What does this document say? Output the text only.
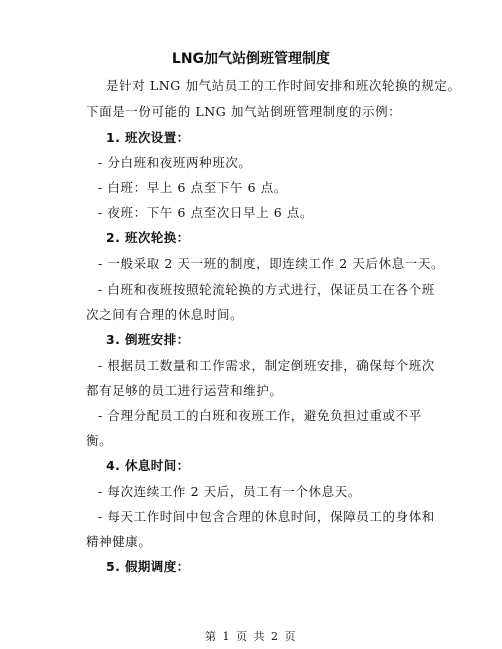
LNG加气站倒班管理制度
是针对 LNG 加气站员工的工作时间安排和班次轮换的规定。
下面是一份可能的 LNG 加气站倒班管理制度的示例：
1. 班次设置：
- 分白班和夜班两种班次。
- 白班：早上 6 点至下午 6 点。
- 夜班：下午 6 点至次日早上 6 点。
2. 班次轮换：
- 一般采取 2 天一班的制度，即连续工作 2 天后休息一天。
- 白班和夜班按照轮流轮换的方式进行，保证员工在各个班
次之间有合理的休息时间。
3. 倒班安排：
- 根据员工数量和工作需求，制定倒班安排，确保每个班次
都有足够的员工进行运营和维护。
- 合理分配员工的白班和夜班工作，避免负担过重或不平
衡。
4. 休息时间：
- 每次连续工作 2 天后，员工有一个休息天。
- 每天工作时间中包含合理的休息时间，保障员工的身体和
精神健康。
5. 假期调度：
第 1 页 共 2 页
